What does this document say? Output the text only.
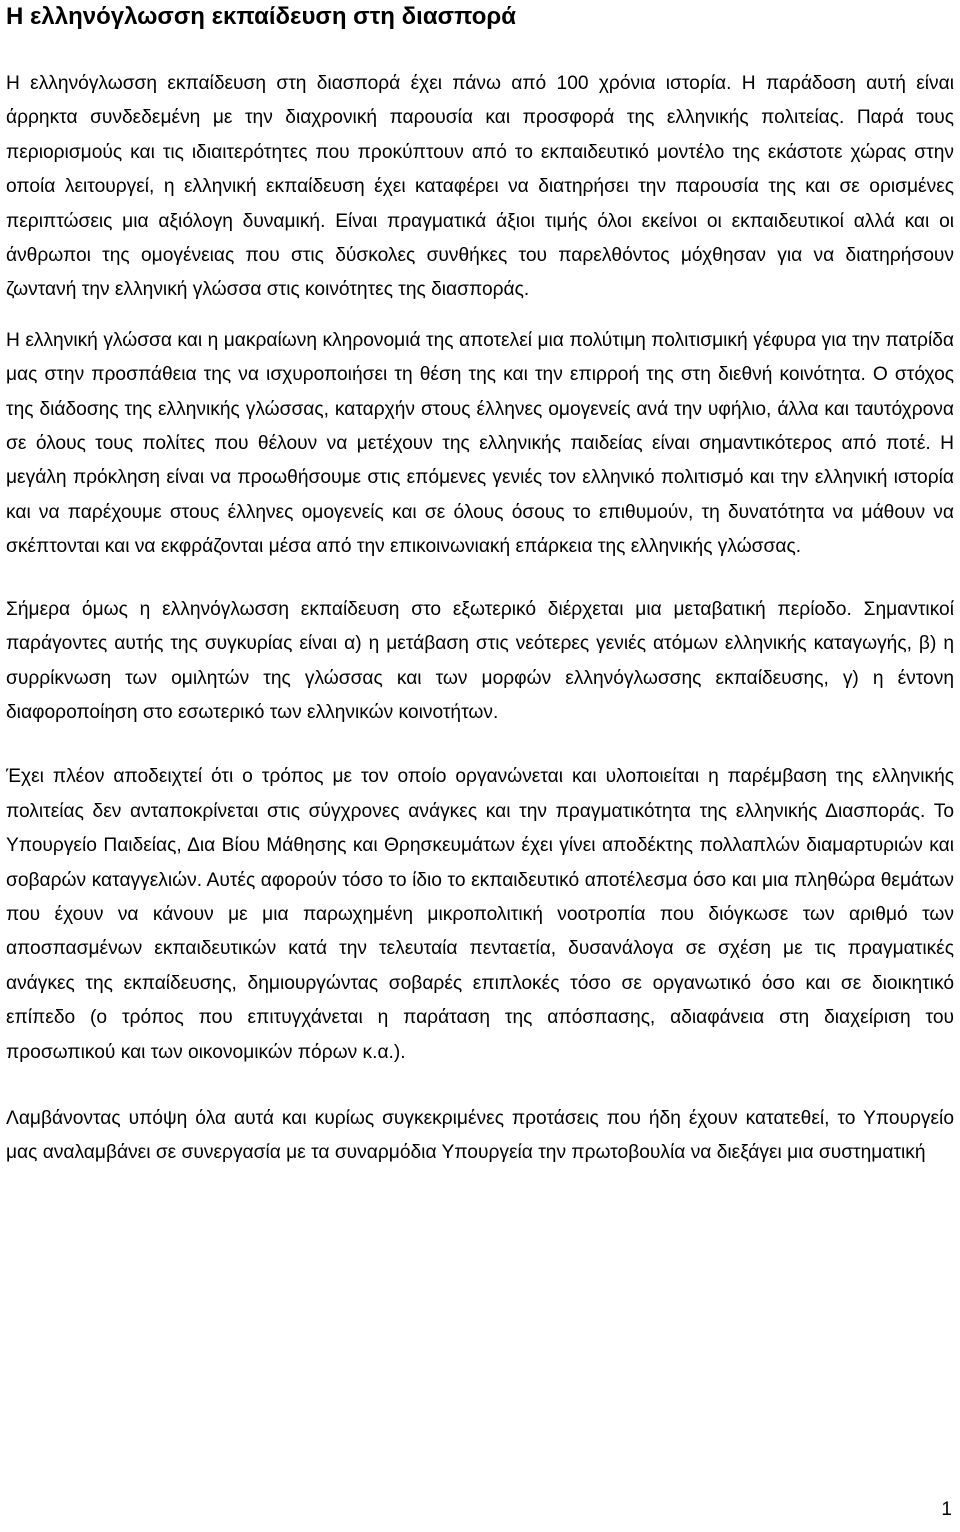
Η ελληνόγλωσση εκπαίδευση στη διασπορά

Η ελληνόγλωσση εκπαίδευση στη διασπορά έχει πάνω από 100 χρόνια ιστορία. Η παράδοση αυτή είναι άρρηκτα συνδεδεμένη με την διαχρονική παρουσία και προσφορά της ελληνικής πολιτείας. Παρά τους περιορισμούς και τις ιδιαιτερότητες που προκύπτουν από το εκπαιδευτικό μοντέλο της εκάστοτε χώρας στην οποία λειτουργεί, η ελληνική εκπαίδευση έχει καταφέρει να διατηρήσει την παρουσία της και σε ορισμένες περιπτώσεις μια αξιόλογη δυναμική. Είναι πραγματικά άξιοι τιμής όλοι εκείνοι οι εκπαιδευτικοί αλλά και οι άνθρωποι της ομογένειας που στις δύσκολες συνθήκες του παρελθόντος μόχθησαν για να διατηρήσουν ζωντανή την ελληνική γλώσσα στις κοινότητες της διασποράς.

Η ελληνική γλώσσα και η μακραίωνη κληρονομιά της αποτελεί μια πολύτιμη πολιτισμική γέφυρα για την πατρίδα μας στην προσπάθεια της να ισχυροποιήσει τη θέση της και την επιρροή της στη διεθνή κοινότητα. Ο στόχος της διάδοσης της ελληνικής γλώσσας, καταρχήν στους έλληνες ομογενείς ανά την υφήλιο, άλλα και ταυτόχρονα σε όλους τους πολίτες που θέλουν να μετέχουν της ελληνικής παιδείας είναι σημαντικότερος από ποτέ. Η μεγάλη πρόκληση είναι να προωθήσουμε στις επόμενες γενιές τον ελληνικό πολιτισμό και την ελληνική ιστορία και να παρέχουμε στους έλληνες ομογενείς και σε όλους όσους το επιθυμούν, τη δυνατότητα να μάθουν να σκέπτονται και να εκφράζονται μέσα από την επικοινωνιακή επάρκεια της ελληνικής γλώσσας.

Σήμερα όμως η ελληνόγλωσση εκπαίδευση στο εξωτερικό διέρχεται μια μεταβατική περίοδο. Σημαντικοί παράγοντες αυτής της συγκυρίας είναι α) η μετάβαση στις νεότερες γενιές ατόμων ελληνικής καταγωγής, β) η συρρίκνωση των ομιλητών της γλώσσας και των μορφών ελληνόγλωσσης εκπαίδευσης, γ) η έντονη διαφοροποίηση στο εσωτερικό των ελληνικών κοινοτήτων.

Έχει πλέον αποδειχτεί ότι ο τρόπος με τον οποίο οργανώνεται και υλοποιείται η παρέμβαση της ελληνικής πολιτείας δεν ανταποκρίνεται στις σύγχρονες ανάγκες και την πραγματικότητα της ελληνικής Διασποράς. Το Υπουργείο Παιδείας, Δια Βίου Μάθησης και Θρησκευμάτων έχει γίνει αποδέκτης πολλαπλών διαμαρτυριών και σοβαρών καταγγελιών. Αυτές αφορούν τόσο το ίδιο το εκπαιδευτικό αποτέλεσμα όσο και μια πληθώρα θεμάτων που έχουν να κάνουν με μια παρωχημένη μικροπολιτική νοοτροπία που διόγκωσε των αριθμό των αποσπασμένων εκπαιδευτικών κατά την τελευταία πενταετία, δυσανάλογα σε σχέση με τις πραγματικές ανάγκες της εκπαίδευσης, δημιουργώντας σοβαρές επιπλοκές τόσο σε οργανωτικό όσο και σε διοικητικό επίπεδο (ο τρόπος που επιτυγχάνεται η παράταση της απόσπασης, αδιαφάνεια στη διαχείριση του προσωπικού και των οικονομικών πόρων κ.α.).

Λαμβάνοντας υπόψη όλα αυτά και κυρίως συγκεκριμένες προτάσεις που ήδη έχουν κατατεθεί, το Υπουργείο μας αναλαμβάνει σε συνεργασία με τα συναρμόδια Υπουργεία την πρωτοβουλία να διεξάγει μια συστηματική

1
